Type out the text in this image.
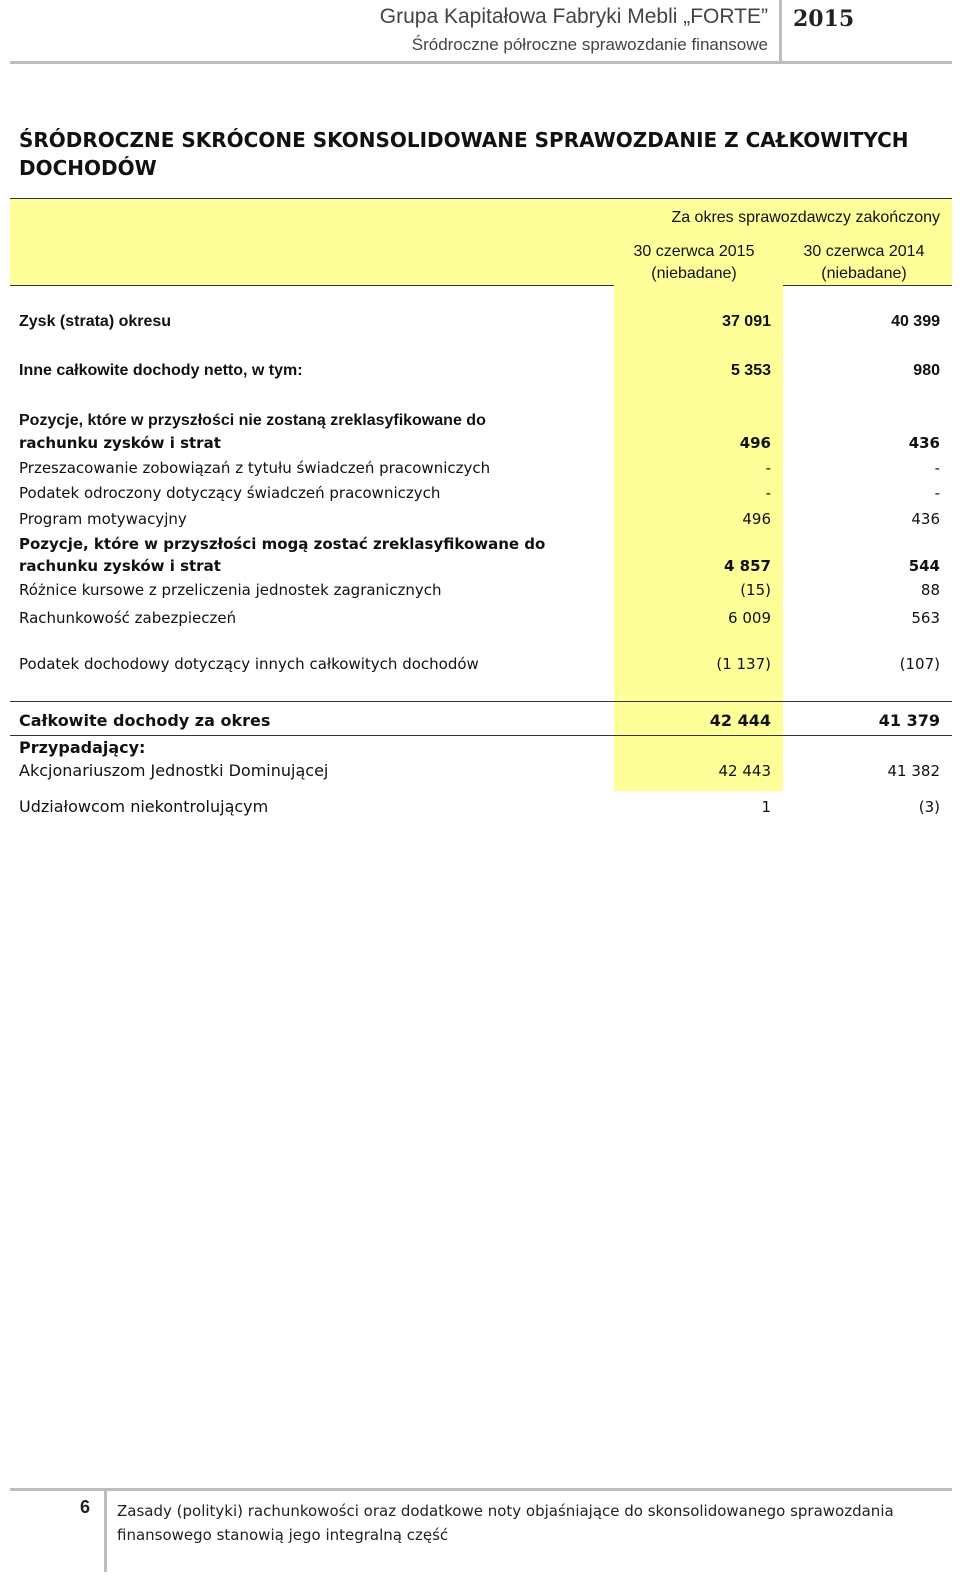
Grupa Kapitałowa Fabryki Mebli „FORTE”
Śródroczne półroczne sprawozdanie finansowe
2015
ŚRÓDROCZNE SKRÓCONE SKONSOLIDOWANE SPRAWOZDANIE Z CAŁKOWITYCH DOCHODÓW
Za okres sprawozdawczy zakończony
30 czerwca 2015
(niebadane)
30 czerwca 2014
(niebadane)
Zysk (strata) okresu	37 091	40 399
Inne całkowite dochody netto, w tym:	5 353	980
Pozycje, które w przyszłości nie zostaną zreklasyfikowane do
rachunku zysków i strat	496	436
Przeszacowanie zobowiązań z tytułu świadczeń pracowniczych	-	-
Podatek odroczony dotyczący świadczeń pracowniczych	-	-
Program motywacyjny	496	436
Pozycje, które w przyszłości mogą zostać zreklasyfikowane do
rachunku zysków i strat	4 857	544
Różnice kursowe z przeliczenia jednostek zagranicznych	(15)	88
Rachunkowość zabezpieczeń	6 009	563
Podatek dochodowy dotyczący innych całkowitych dochodów	(1 137)	(107)
Całkowite dochody za okres	42 444	41 379
Przypadający:
Akcjonariuszom Jednostki Dominującej	42 443	41 382
Udziałowcom niekontrolującym	1	(3)
6 Zasady (polityki) rachunkowości oraz dodatkowe noty objaśniające do skonsolidowanego sprawozdania finansowego stanowią jego integralną część
